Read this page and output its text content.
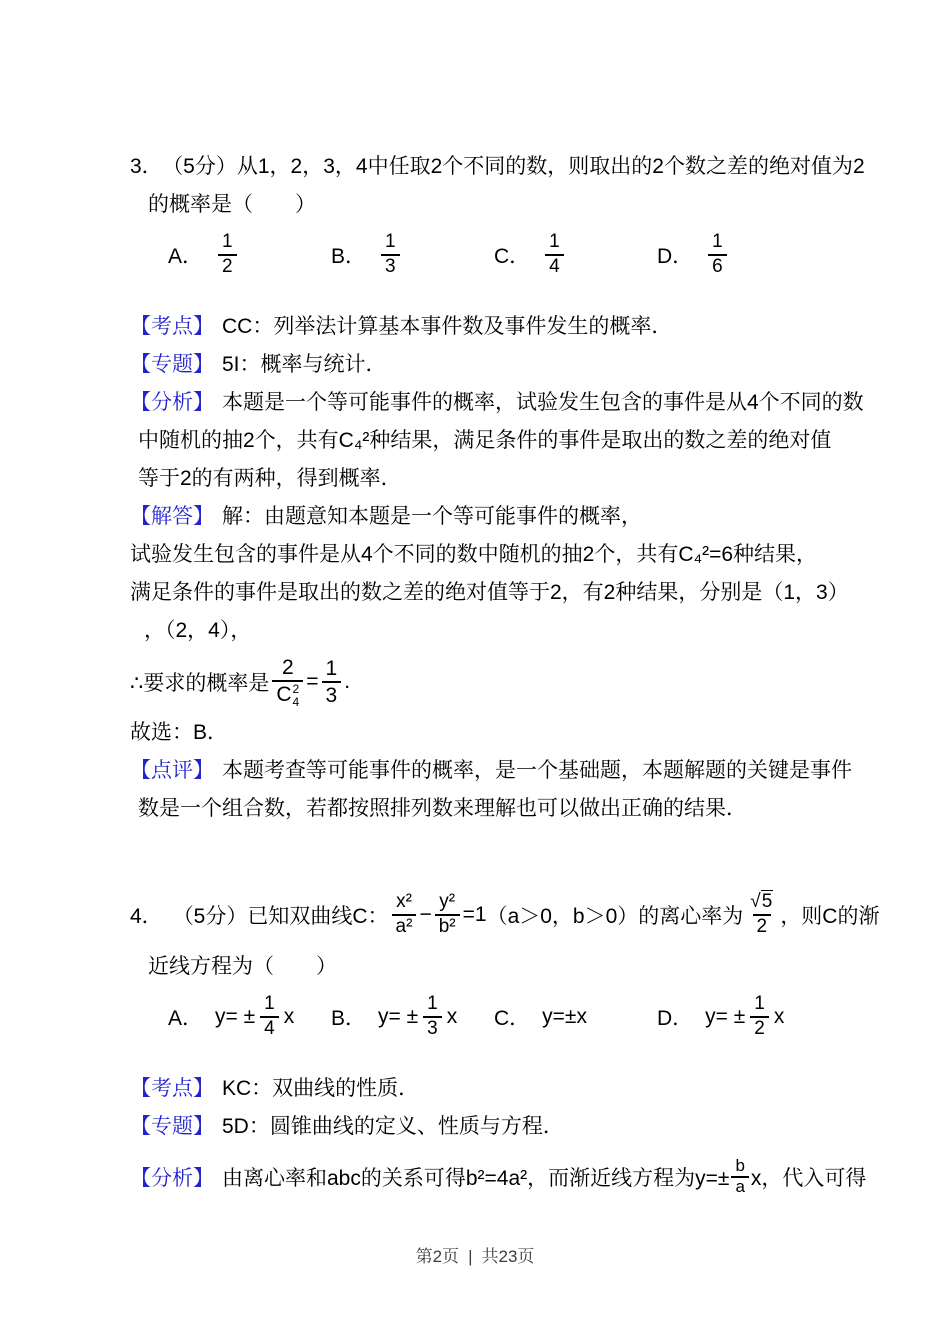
3． （5分）从1，2，3，4中任取2个不同的数，则取出的2个数之差的绝对值为2
的概率是（　　）
A． $\frac{1}{2}$	B． $\frac{1}{3}$	C． $\frac{1}{4}$	D． $\frac{1}{6}$
【考点】 CC：列举法计算基本事件数及事件发生的概率．
【专题】 5I：概率与统计．
【分析】 本题是一个等可能事件的概率，试验发生包含的事件是从4个不同的数
中随机的抽2个，共有C₄²种结果，满足条件的事件是取出的数之差的绝对值
等于2的有两种，得到概率．
【解答】 解：由题意知本题是一个等可能事件的概率，
试验发生包含的事件是从4个不同的数中随机的抽2个，共有C₄²=6种结果，
满足条件的事件是取出的数之差的绝对值等于2，有2种结果，分别是（1，3）
，（2，4），
∴要求的概率是 2
C 2
$4 = \frac{1}{3}$ .
故选：B．
【点评】 本题考查等可能事件的概率，是一个基础题，本题解题的关键是事件
数是一个组合数，若都按照排列数来理解也可以做出正确的结果．
4． （5分）已知双曲线C： $\frac{\text{x²}}{\text{a²}} - \frac{\text{y²}}{\text{b²}} =1$ （a＞0，b＞0）的离心率为 $\frac{√5}{2}$ ，则C的渐
近线方程为（　　）
A． $y= \pm \frac{1}{4}$ x B． $y= \pm \frac{1}{3}$ x C． y=±x	D． $y= \pm \frac{1}{2}$ x
【考点】 KC：双曲线的性质．
【专题】 5D：圆锥曲线的定义、性质与方程．
【分析】 由离心率和abc的关系可得b²=4a²，而渐近线方程为$y=\pm \frac{b}{a}$ x，代入可得
第2页 | 共23页
